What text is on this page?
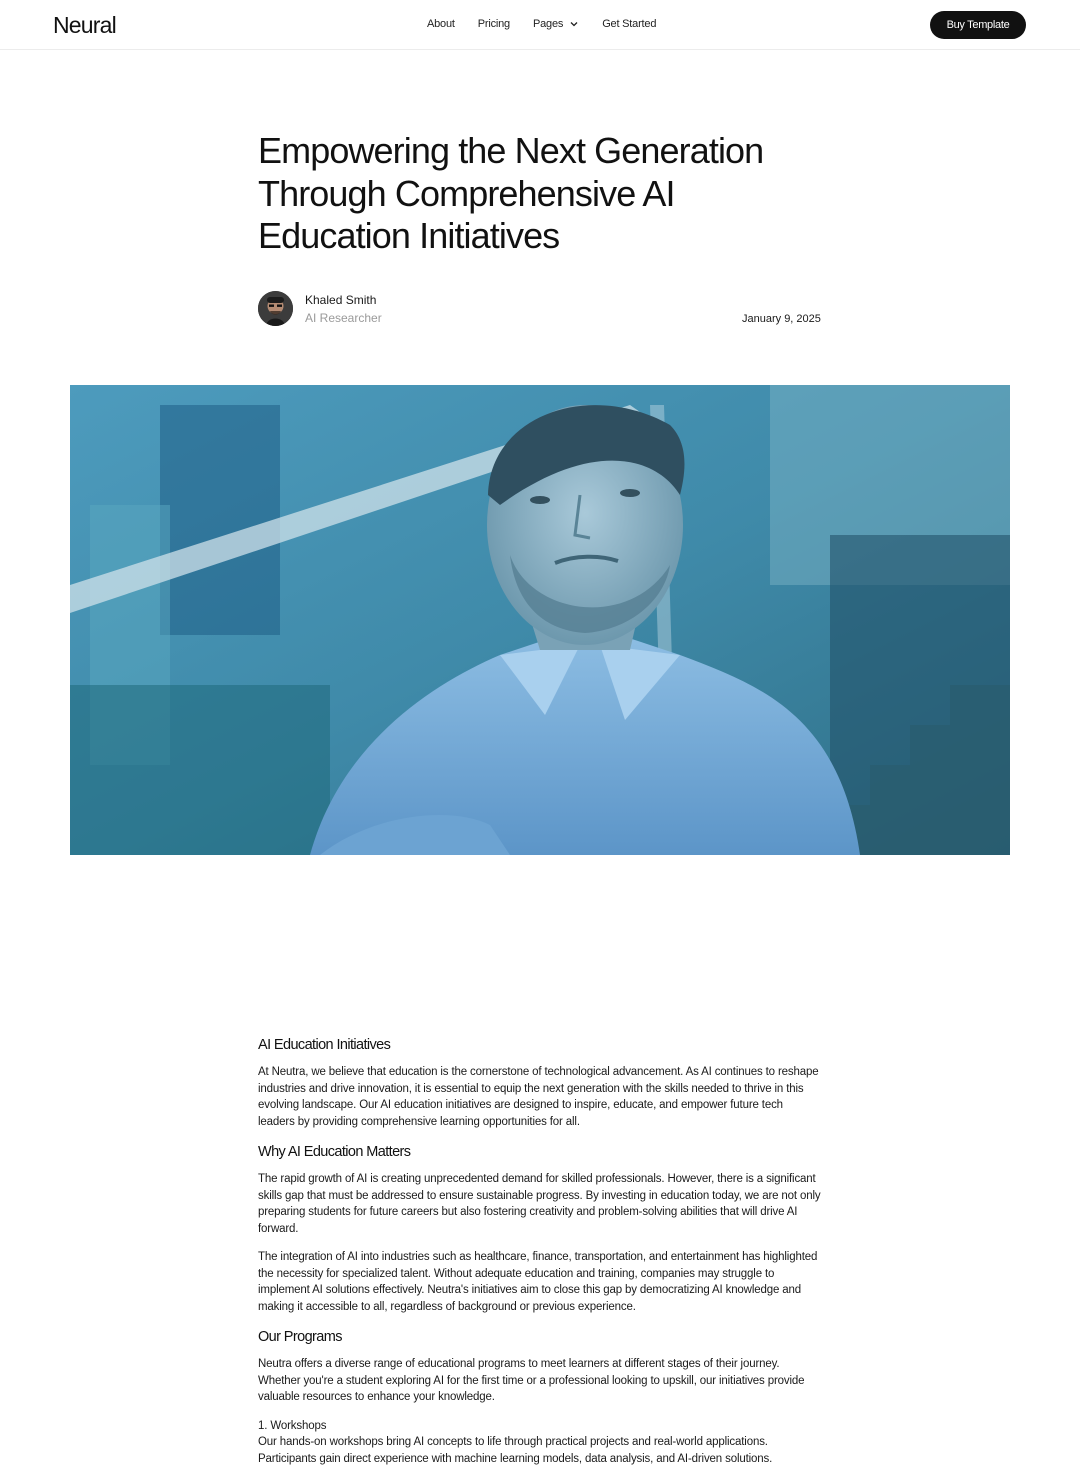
Neural	About Pricing Pages	Get Started	Buy Template
Empowering the Next Generation Through Comprehensive AI Education Initiatives
Khaled Smith
AI Researcher	January 9, 2025
AI Education Initiatives

At Neutra, we believe that education is the cornerstone of technological advancement. As AI continues to reshape industries and drive innovation, it is essential to equip the next generation with the skills needed to thrive in this evolving landscape. Our AI education initiatives are designed to inspire, educate, and empower future tech leaders by providing comprehensive learning opportunities for all.

Why AI Education Matters

The rapid growth of AI is creating unprecedented demand for skilled professionals. However, there is a significant skills gap that must be addressed to ensure sustainable progress. By investing in education today, we are not only preparing students for future careers but also fostering creativity and problem-solving abilities that will drive AI forward.

The integration of AI into industries such as healthcare, finance, transportation, and entertainment has highlighted the necessity for specialized talent. Without adequate education and training, companies may struggle to implement AI solutions effectively. Neutra's initiatives aim to close this gap by democratizing AI knowledge and making it accessible to all, regardless of background or previous experience.

Our Programs

Neutra offers a diverse range of educational programs to meet learners at different stages of their journey. Whether you're a student exploring AI for the first time or a professional looking to upskill, our initiatives provide valuable resources to enhance your knowledge.

1. Workshops

Our hands-on workshops bring AI concepts to life through practical projects and real-world applications. Participants gain direct experience with machine learning models, data analysis, and AI-driven solutions.
